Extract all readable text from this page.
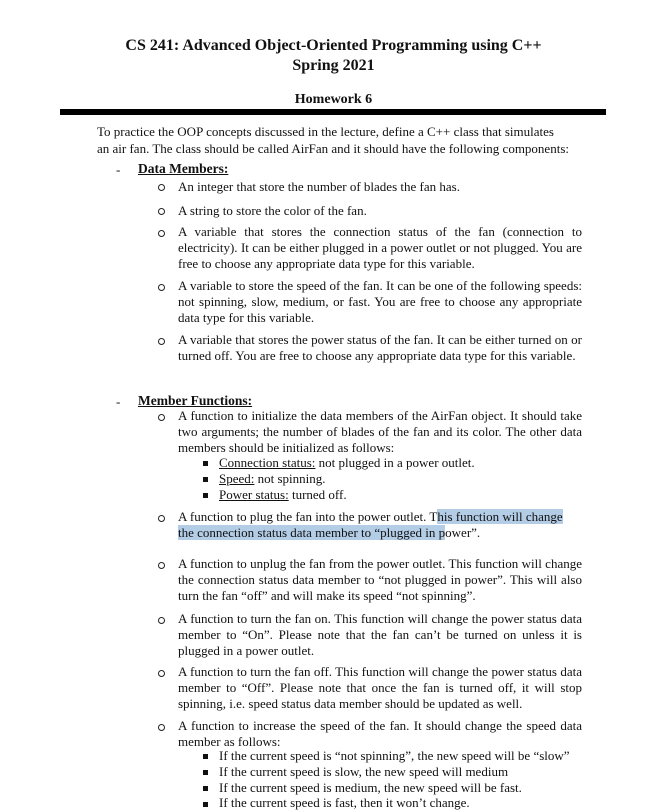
CS 241: Advanced Object-Oriented Programming using C++
Spring 2021
Homework 6
To practice the OOP concepts discussed in the lecture, define a C++ class that simulates
an air fan. The class should be called AirFan and it should have the following components:
- Data Members:
An integer that store the number of blades the fan has.
A string to store the color of the fan.
A variable that stores the connection status of the fan (connection to electricity). It can be either plugged in a power outlet or not plugged. You are free to choose any appropriate data type for this variable.
A variable to store the speed of the fan. It can be one of the following speeds: not spinning, slow, medium, or fast. You are free to choose any appropriate data type for this variable.
A variable that stores the power status of the fan. It can be either turned on or turned off. You are free to choose any appropriate data type for this variable.
- Member Functions:
A function to initialize the data members of the AirFan object. It should take two arguments; the number of blades of the fan and its color. The other data members should be initialized as follows:
Connection status: not plugged in a power outlet.
Speed: not spinning.
Power status: turned off.
A function to plug the fan into the power outlet. This function will change
the connection status data member to “plugged in power”.
A function to unplug the fan from the power outlet. This function will change the connection status data member to “not plugged in power”. This will also turn the fan “off” and will make its speed “not spinning”.
A function to turn the fan on. This function will change the power status data member to “On”. Please note that the fan can’t be turned on unless it is plugged in a power outlet.
A function to turn the fan off. This function will change the power status data member to “Off”. Please note that once the fan is turned off, it will stop spinning, i.e. speed status data member should be updated as well.
A function to increase the speed of the fan. It should change the speed data member as follows:
If the current speed is “not spinning”, the new speed will be “slow”
If the current speed is slow, the new speed will medium
If the current speed is medium, the new speed will be fast.
If the current speed is fast, then it won’t change.
